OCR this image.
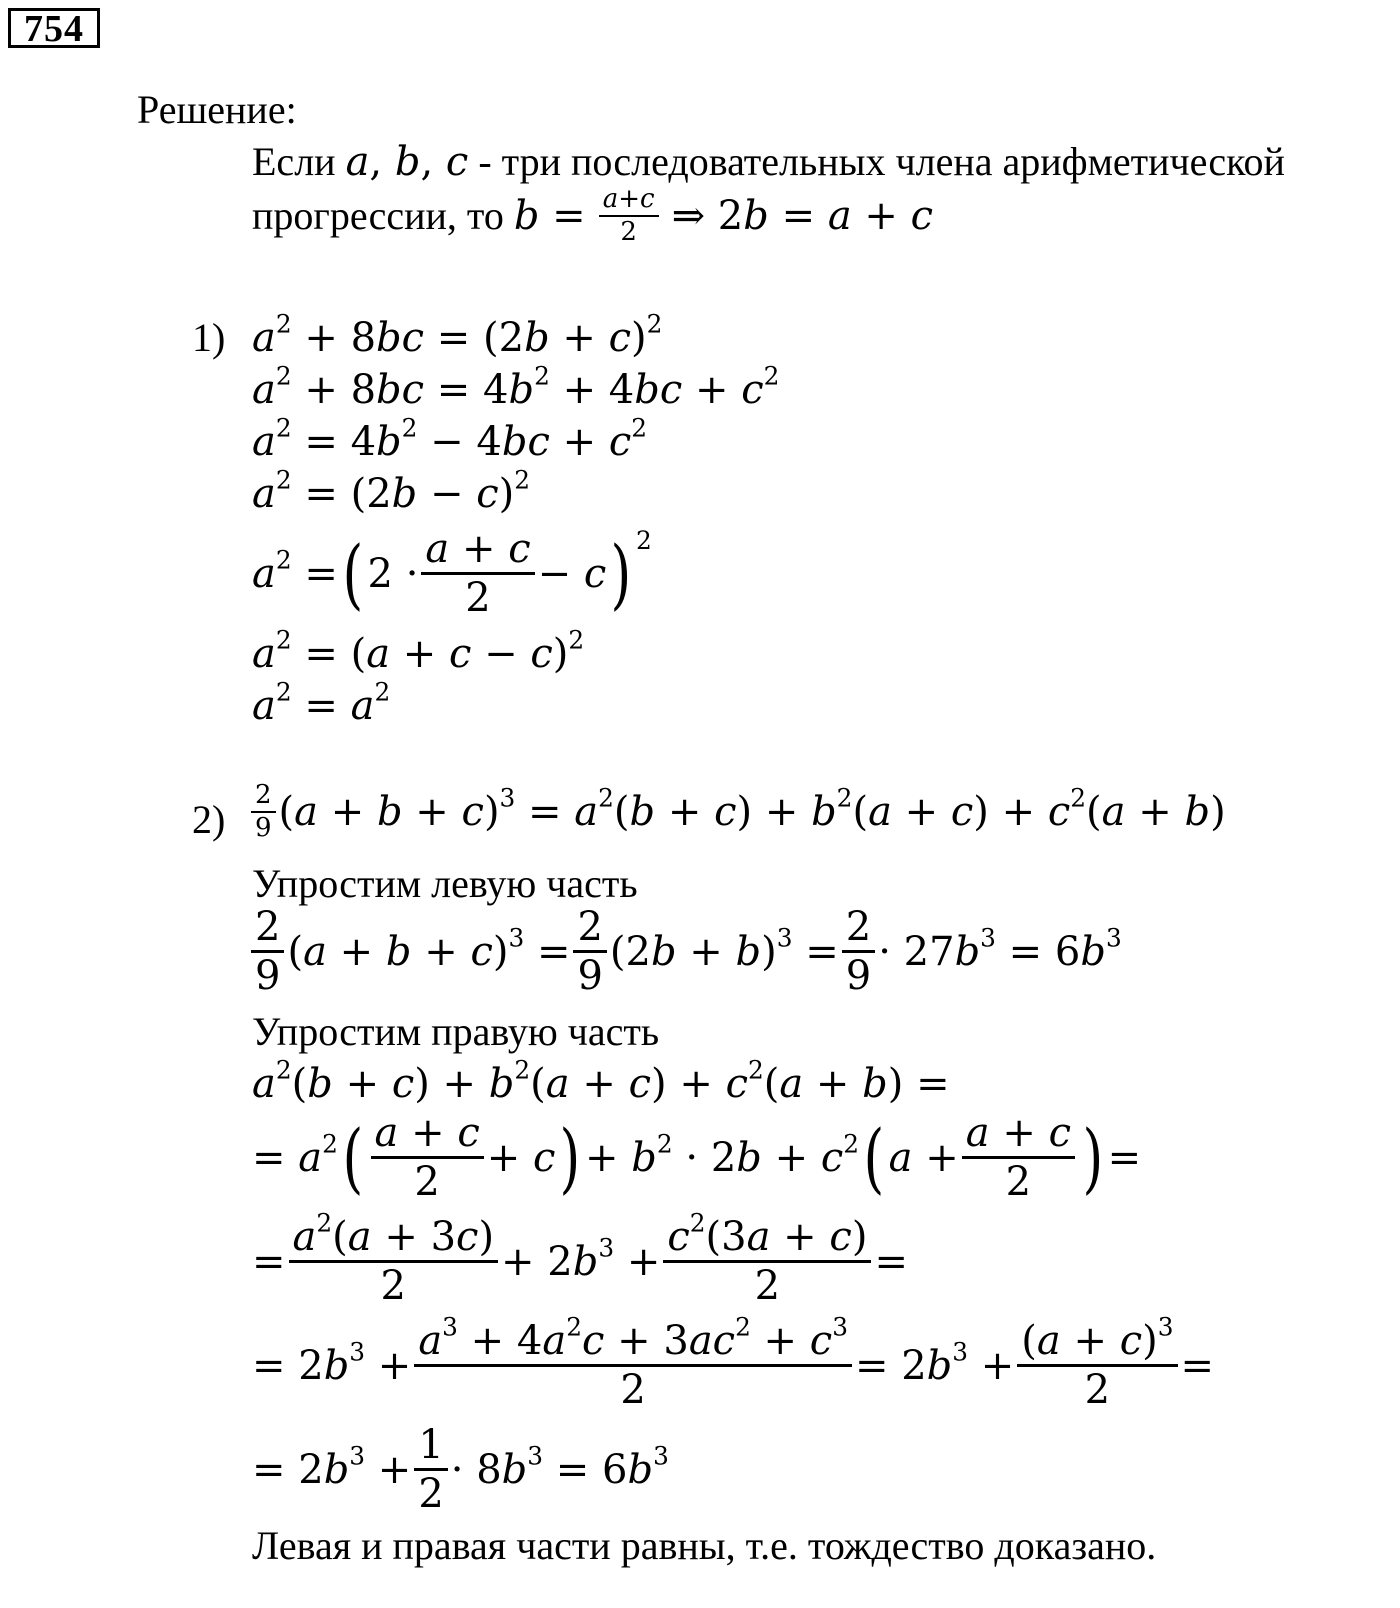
754
Решение:
Если a, b, c - три последовательных члена арифметической
прогрессии, то $b = \frac{a+c}{2}$ ⇒ 2b = a + c
1) $a^2 + 8bc = (2b + c)^2$
$a^2 + 8bc = 4b^2 + 4bc + c^2$
$a^2 = 4b^2 - 4bc + c^2$
$a^2 = (2b - c)^2$
$a^2$ =( $2 \cdot \frac{a + c}{2} - c$) $^2$
$a^2 = (a + c - c)^2$
$a^2 = a^2$
$2) \frac{2}{9} (a + b + c)^3 = a^2(b + c) + b^2(a + c) + c^2(a + b)$
Упростим левую часть
$\frac{2}{9} (a + b + c)^3 = \frac{2}{9} (2b + b)^3 = \frac{2}{9} \cdot 27b^3 = 6b^3$
Упростим правую часть
$a^2(b + c) + b^2(a + c) + c^2(a + b)$ =
= $a^2( \frac{a + c}{2} + c) + b^2 \cdot 2b + c^2$( $a + \frac{a + c}{2}$ ) =
= $\frac{a^2(a + 3c)}{2} + 2b^3 + \frac{c^2(3a + c)}{2}$ =
= $2b^3 + \frac{a^3 + 4a^2c + 3ac^2 + c^3}{2} = 2b^3 + \frac{(a + c)^3}{2}$ =
= $2b^3 + \frac{1}{2} \cdot 8b^3 = 6b^3$
Левая и правая части равны, т.е. тождество доказано.
